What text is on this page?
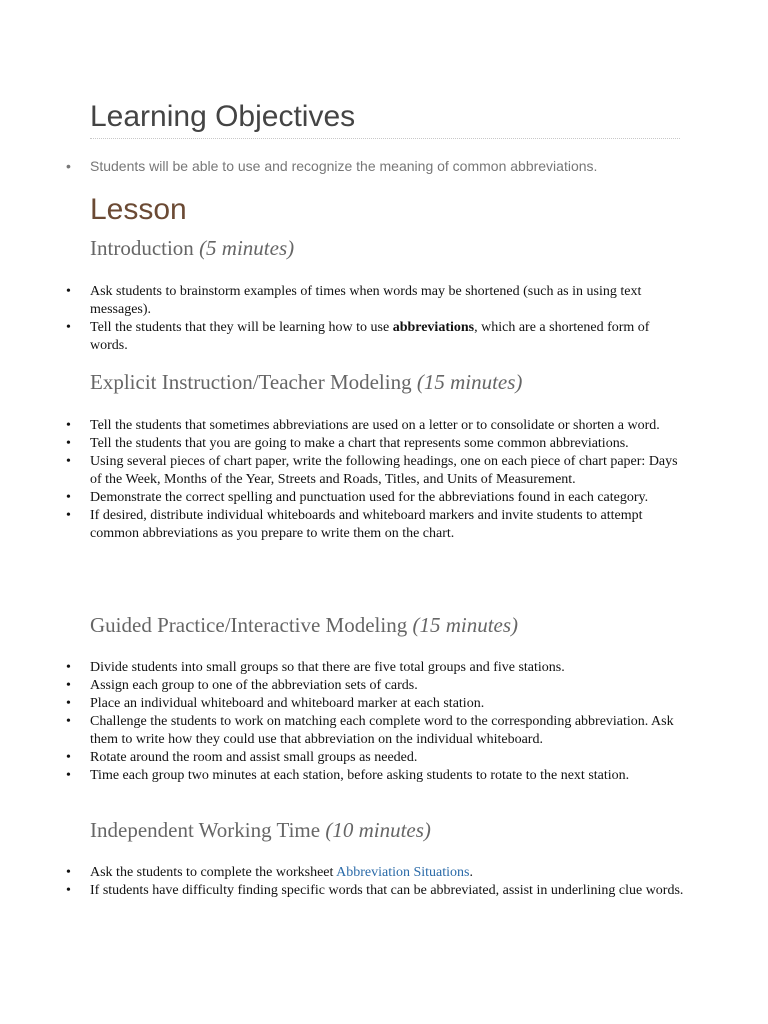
Learning Objectives
• Students will be able to use and recognize the meaning of common abbreviations.
Lesson
Introduction (5 minutes)
• Ask students to brainstorm examples of times when words may be shortened (such as in using text messages).
• Tell the students that they will be learning how to use abbreviations, which are a shortened form of words.
Explicit Instruction/Teacher Modeling (15 minutes)
• Tell the students that sometimes abbreviations are used on a letter or to consolidate or shorten a word.
• Tell the students that you are going to make a chart that represents some common abbreviations.
• Using several pieces of chart paper, write the following headings, one on each piece of chart paper: Days of the Week, Months of the Year, Streets and Roads, Titles, and Units of Measurement.
• Demonstrate the correct spelling and punctuation used for the abbreviations found in each category.
• If desired, distribute individual whiteboards and whiteboard markers and invite students to attempt common abbreviations as you prepare to write them on the chart.
Guided Practice/Interactive Modeling (15 minutes)
• Divide students into small groups so that there are five total groups and five stations.
• Assign each group to one of the abbreviation sets of cards.
• Place an individual whiteboard and whiteboard marker at each station.
• Challenge the students to work on matching each complete word to the corresponding abbreviation. Ask them to write how they could use that abbreviation on the individual whiteboard.
• Rotate around the room and assist small groups as needed.
• Time each group two minutes at each station, before asking students to rotate to the next station.
Independent Working Time (10 minutes)
• Ask the students to complete the worksheet Abbreviation Situations.
• If students have difficulty finding specific words that can be abbreviated, assist in underlining clue words.
